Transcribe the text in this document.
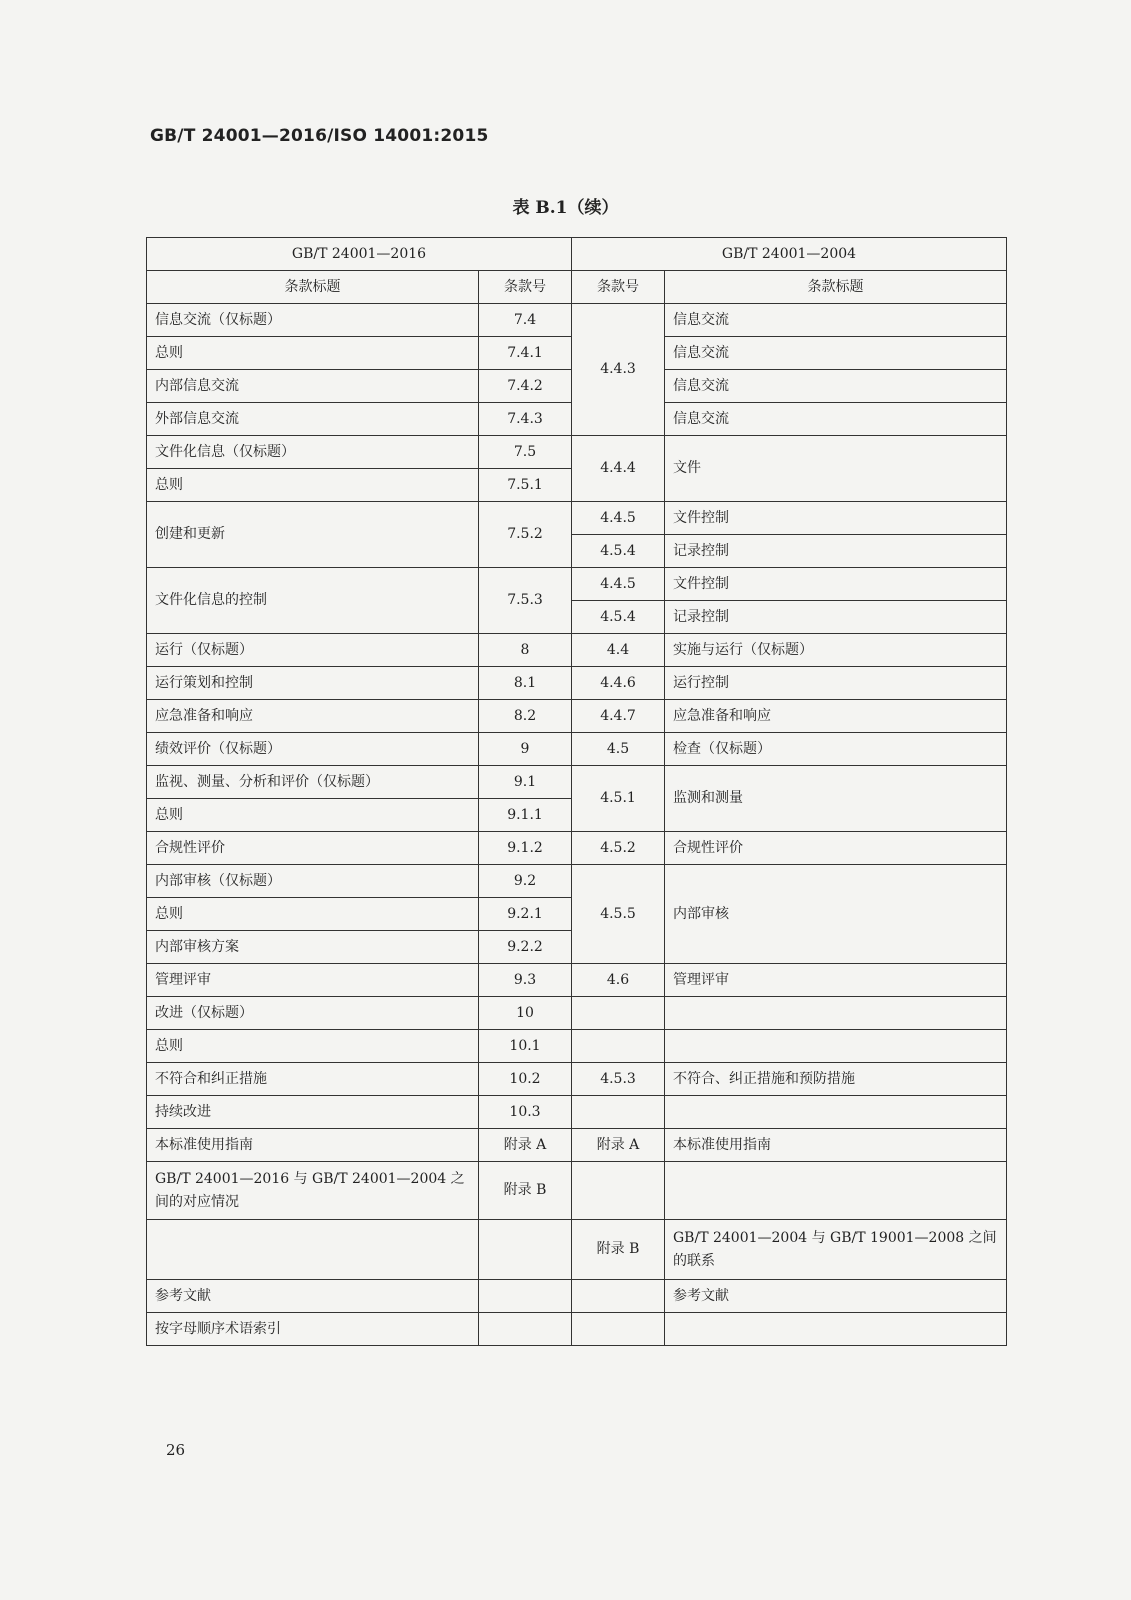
GB/T 24001—2016/ISO 14001:2015
表 B.1（续）
GB/T 24001—2016		GB/T 24001—2004	
条款标题	条款号	条款号	条款标题
信息交流（仅标题）	7.4	4.4.3	信息交流
总则	7.4.1		信息交流
内部信息交流	7.4.2		信息交流
外部信息交流	7.4.3		信息交流
文件化信息（仅标题）	7.5	4.4.4	文件
总则	7.5.1		
创建和更新	7.5.2	4.4.5	文件控制
		4.5.4	记录控制
文件化信息的控制	7.5.3	4.4.5	文件控制
		4.5.4	记录控制
运行（仅标题）	8	4.4	实施与运行（仅标题）
运行策划和控制	8.1	4.4.6	运行控制
应急准备和响应	8.2	4.4.7	应急准备和响应
绩效评价（仅标题）	9	4.5	检查（仅标题）
监视、测量、分析和评价（仅标题）	9.1	4.5.1	监测和测量
总则	9.1.1		
合规性评价	9.1.2	4.5.2	合规性评价
内部审核（仅标题）	9.2	4.5.5	内部审核
总则	9.2.1		
内部审核方案	9.2.2		
管理评审	9.3	4.6	管理评审
改进（仅标题）	10		
总则	10.1		
不符合和纠正措施	10.2	4.5.3	不符合、纠正措施和预防措施
持续改进	10.3		
本标准使用指南	附录 A	附录 A	本标准使用指南
GB/T 24001—2016 与 GB/T 24001—2004 之间的对应情况	附录 B		
		附录 B	GB/T 24001—2004 与 GB/T 19001—2008 之间的联系
参考文献			参考文献
按字母顺序术语索引			
26
